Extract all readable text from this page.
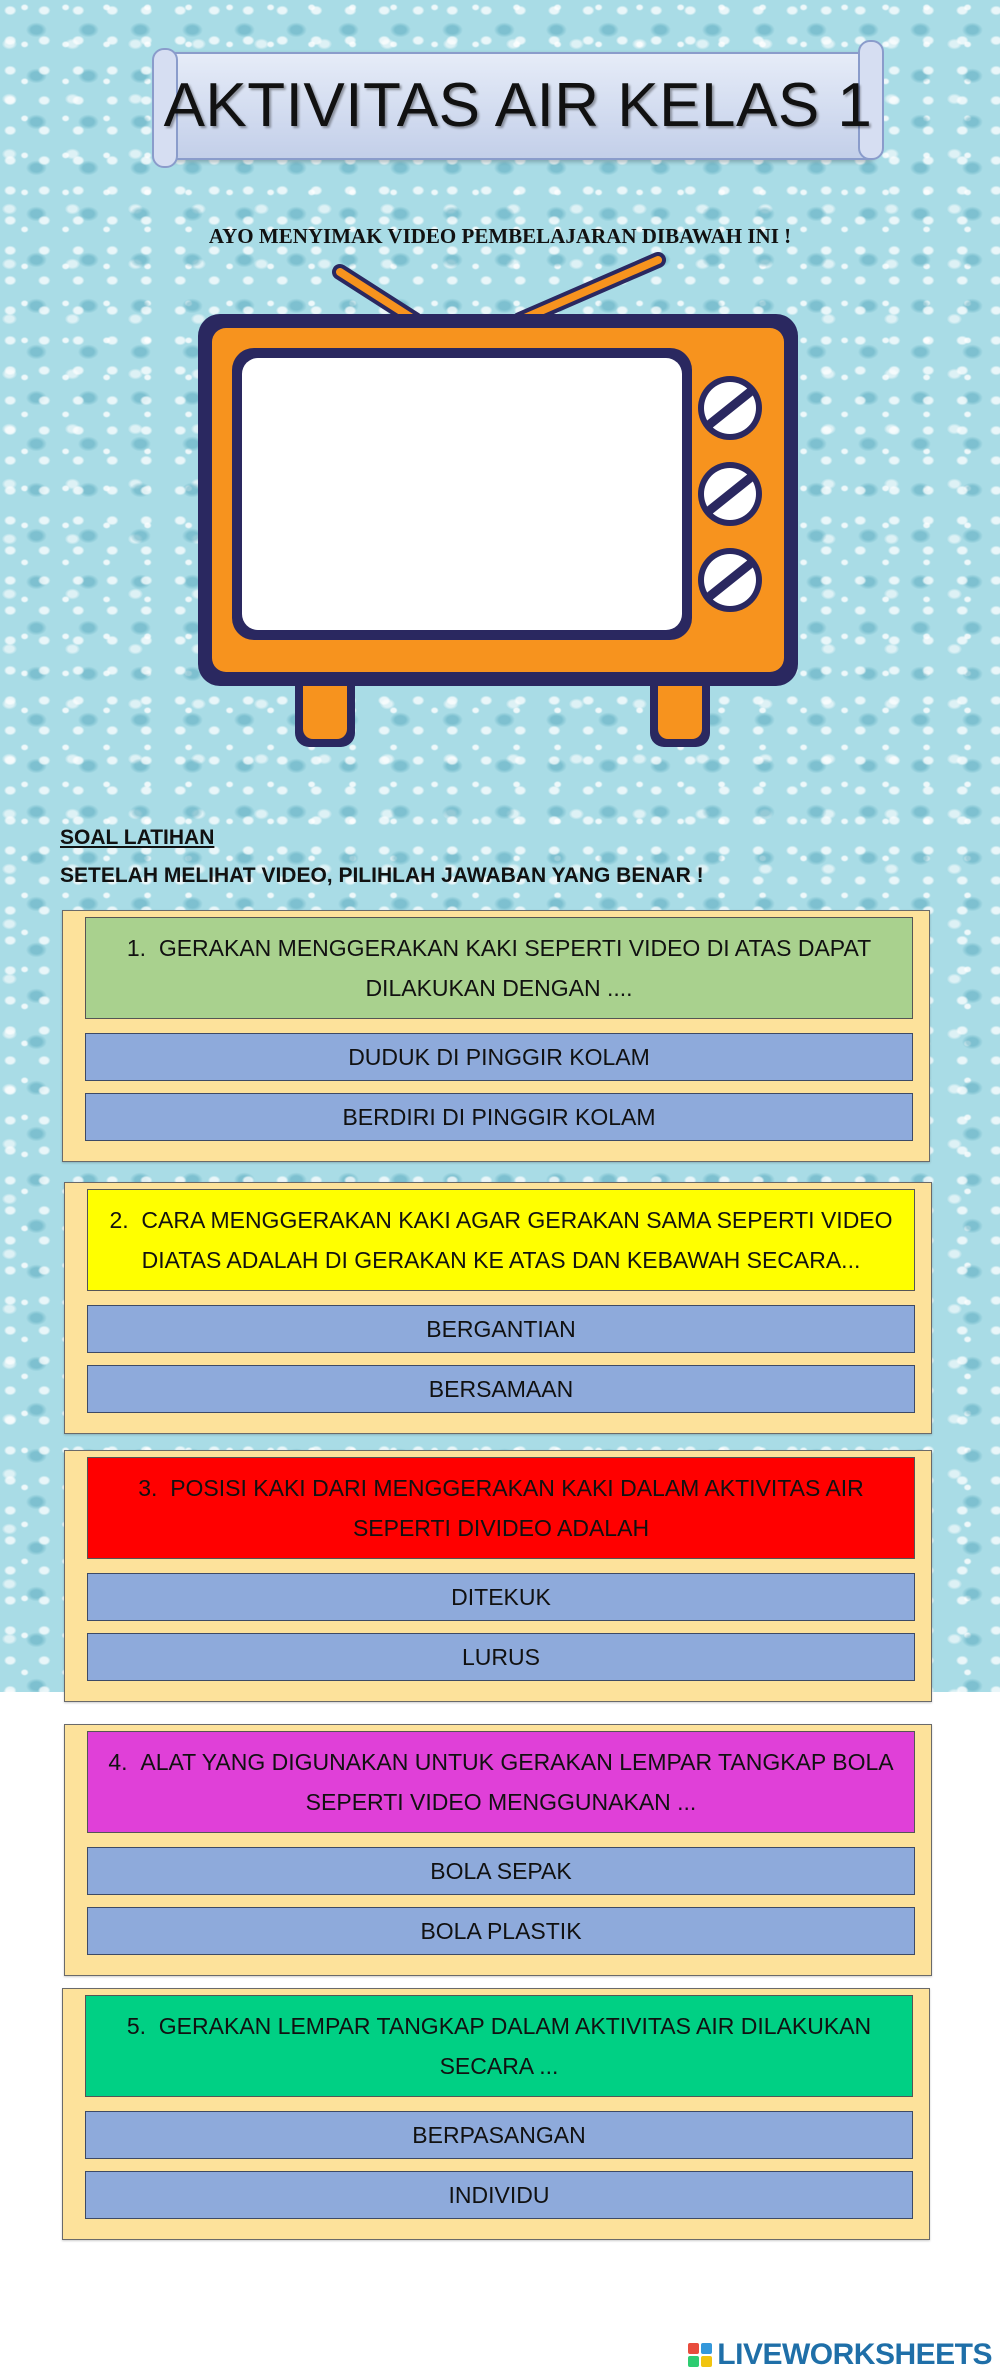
AKTIVITAS AIR KELAS 1
AYO MENYIMAK VIDEO PEMBELAJARAN DIBAWAH INI !
SOAL LATIHAN
SETELAH MELIHAT VIDEO, PILIHLAH JAWABAN YANG BENAR !
1. GERAKAN MENGGERAKAN KAKI SEPERTI VIDEO DI ATAS DAPAT DILAKUKAN DENGAN ....
DUDUK DI PINGGIR KOLAM
BERDIRI DI PINGGIR KOLAM
2. CARA MENGGERAKAN KAKI AGAR GERAKAN SAMA SEPERTI VIDEO DIATAS ADALAH DI GERAKAN KE ATAS DAN KEBAWAH SECARA...
BERGANTIAN
BERSAMAAN
3. POSISI KAKI DARI MENGGERAKAN KAKI DALAM AKTIVITAS AIR SEPERTI DIVIDEO ADALAH
DITEKUK
LURUS
4. ALAT YANG DIGUNAKAN UNTUK GERAKAN LEMPAR TANGKAP BOLA SEPERTI VIDEO MENGGUNAKAN ...
BOLA SEPAK
BOLA PLASTIK
5. GERAKAN LEMPAR TANGKAP DALAM AKTIVITAS AIR DILAKUKAN SECARA ...
BERPASANGAN
INDIVIDU
LIVEWORKSHEETS
